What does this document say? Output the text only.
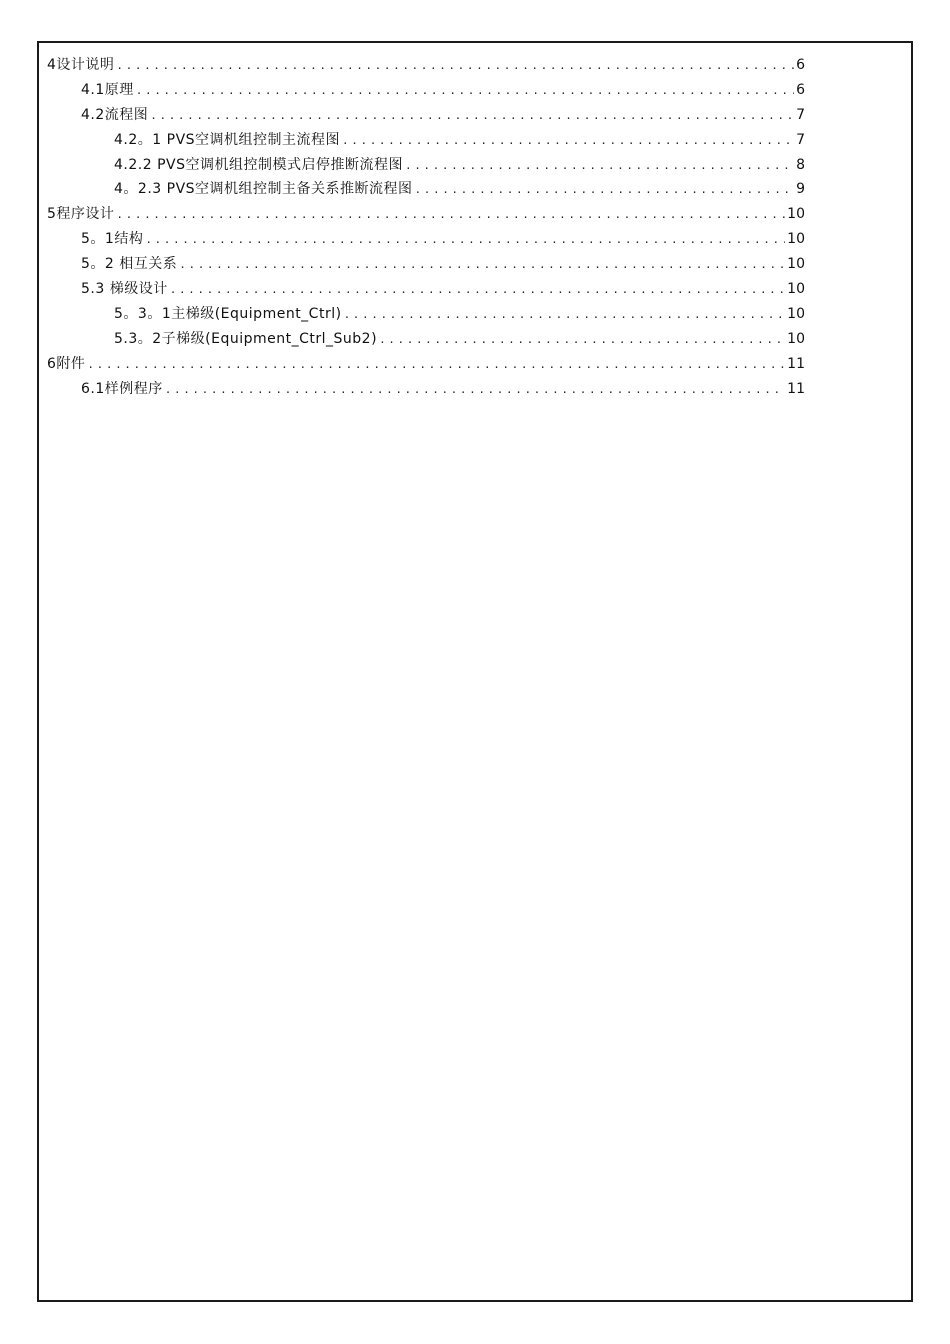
4设计说明 .....	6
4.1原理 .....	6
4.2流程图 .....	7
4.2。1 PVS空调机组控制主流程图 .....	7
4.2.2 PVS空调机组控制模式启停推断流程图 .....	8
4。2.3 PVS空调机组控制主备关系推断流程图 .....	9
5程序设计 .....	10
5。1结构 .....	10
5。2 相互关系 .....	10
5.3 梯级设计 .....	10
5。3。1主梯级(Equipment_Ctrl) .....	10
5.3。2子梯级(Equipment_Ctrl_Sub2) .....	10
6附件 .....	11
6.1样例程序 .....	11
